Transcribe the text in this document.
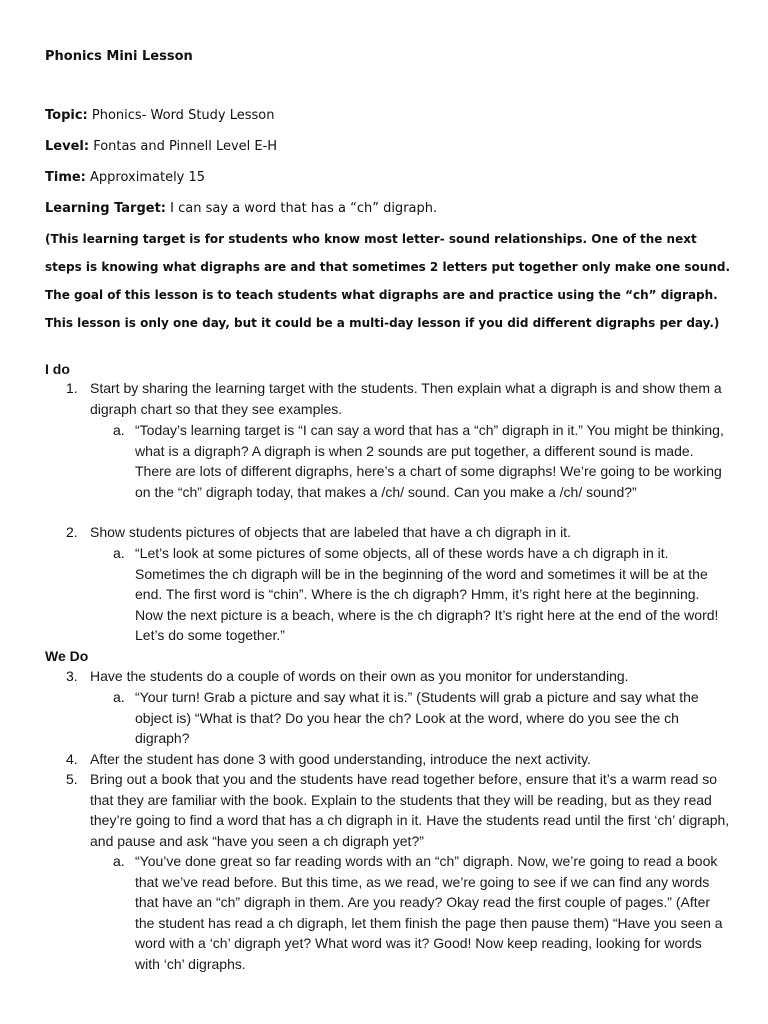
Phonics Mini Lesson
Topic: Phonics- Word Study Lesson
Level: Fontas and Pinnell Level E-H
Time: Approximately 15
Learning Target: I can say a word that has a “ch” digraph.
(This learning target is for students who know most letter- sound relationships. One of the next steps is knowing what digraphs are and that sometimes 2 letters put together only make one sound. The goal of this lesson is to teach students what digraphs are and practice using the “ch” digraph. This lesson is only one day, but it could be a multi-day lesson if you did different digraphs per day.)
I do
1. Start by sharing the learning target with the students. Then explain what a digraph is and show them a digraph chart so that they see examples.
a. “Today’s learning target is “I can say a word that has a “ch” digraph in it.” You might be thinking, what is a digraph? A digraph is when 2 sounds are put together, a different sound is made. There are lots of different digraphs, here’s a chart of some digraphs! We’re going to be working on the “ch” digraph today, that makes a /ch/ sound. Can you make a /ch/ sound?”
2. Show students pictures of objects that are labeled that have a ch digraph in it.
a. “Let’s look at some pictures of some objects, all of these words have a ch digraph in it. Sometimes the ch digraph will be in the beginning of the word and sometimes it will be at the end. The first word is “chin”. Where is the ch digraph? Hmm, it’s right here at the beginning. Now the next picture is a beach, where is the ch digraph? It’s right here at the end of the word! Let’s do some together.”
We Do
3. Have the students do a couple of words on their own as you monitor for understanding.
a. “Your turn! Grab a picture and say what it is.” (Students will grab a picture and say what the object is) “What is that? Do you hear the ch? Look at the word, where do you see the ch digraph?
4. After the student has done 3 with good understanding, introduce the next activity.
5. Bring out a book that you and the students have read together before, ensure that it’s a warm read so that they are familiar with the book. Explain to the students that they will be reading, but as they read they’re going to find a word that has a ch digraph in it. Have the students read until the first ‘ch’ digraph, and pause and ask “have you seen a ch digraph yet?”
a. “You’ve done great so far reading words with an “ch” digraph. Now, we’re going to read a book that we’ve read before. But this time, as we read, we’re going to see if we can find any words that have an “ch” digraph in them. Are you ready? Okay read the first couple of pages.” (After the student has read a ch digraph, let them finish the page then pause them) “Have you seen a word with a ‘ch’ digraph yet? What word was it? Good! Now keep reading, looking for words with ‘ch’ digraphs.
